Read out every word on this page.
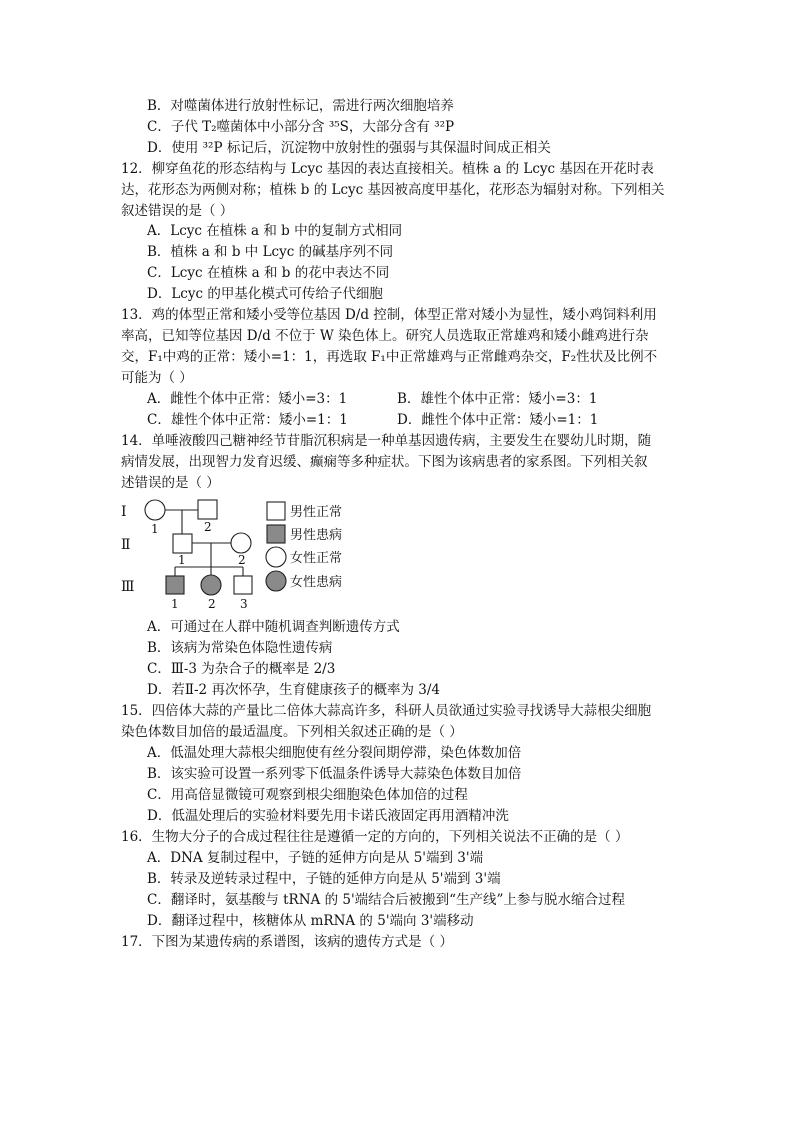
B．对噬菌体进行放射性标记，需进行两次细胞培养
C．子代 T₂噬菌体中小部分含 ³⁵S，大部分含有 ³²P
D．使用 ³²P 标记后，沉淀物中放射性的强弱与其保温时间成正相关
12．柳穿鱼花的形态结构与 Lcyc 基因的表达直接相关。植株 a 的 Lcyc 基因在开花时表
达，花形态为两侧对称；植株 b 的 Lcyc 基因被高度甲基化，花形态为辐射对称。下列相关
叙述错误的是（ ）
A．Lcyc 在植株 a 和 b 中的复制方式相同
B．植株 a 和 b 中 Lcyc 的碱基序列不同
C．Lcyc 在植株 a 和 b 的花中表达不同
D．Lcyc 的甲基化模式可传给子代细胞
13．鸡的体型正常和矮小受等位基因 D/d 控制，体型正常对矮小为显性，矮小鸡饲料利用
率高，已知等位基因 D/d 不位于 W 染色体上。研究人员选取正常雄鸡和矮小雌鸡进行杂
交，F₁中鸡的正常：矮小=1：1，再选取 F₁中正常雄鸡与正常雌鸡杂交，F₂性状及比例不
可能为（ ）
A．雌性个体中正常：矮小=3：1	B．雄性个体中正常：矮小=3：1
C．雄性个体中正常：矮小=1：1	D．雌性个体中正常：矮小=1：1
14．单唾液酸四己糖神经节苷脂沉积病是一种单基因遗传病，主要发生在婴幼儿时期，随
病情发展，出现智力发育迟缓、癫痫等多种症状。下图为该病患者的家系图。下列相关叙
述错误的是（ ）
Ⅰ
Ⅱ
Ⅲ
1	2
1	2
1 2 3
男性正常
男性患病
女性正常
女性患病
A．可通过在人群中随机调查判断遗传方式
B．该病为常染色体隐性遗传病
C．Ⅲ-3 为杂合子的概率是 2/3
D．若Ⅱ-2 再次怀孕，生育健康孩子的概率为 3/4
15．四倍体大蒜的产量比二倍体大蒜高许多，科研人员欲通过实验寻找诱导大蒜根尖细胞
染色体数目加倍的最适温度。下列相关叙述正确的是（ ）
A．低温处理大蒜根尖细胞使有丝分裂间期停滞，染色体数加倍
B．该实验可设置一系列零下低温条件诱导大蒜染色体数目加倍
C．用高倍显微镜可观察到根尖细胞染色体加倍的过程
D．低温处理后的实验材料要先用卡诺氏液固定再用酒精冲洗
16．生物大分子的合成过程往往是遵循一定的方向的，下列相关说法不正确的是（ ）
A．DNA 复制过程中，子链的延伸方向是从 5'端到 3'端
B．转录及逆转录过程中，子链的延伸方向是从 5'端到 3'端
C．翻译时，氨基酸与 tRNA 的 5'端结合后被搬到“生产线”上参与脱水缩合过程
D．翻译过程中，核糖体从 mRNA 的 5'端向 3'端移动
17．下图为某遗传病的系谱图，该病的遗传方式是（ ）
